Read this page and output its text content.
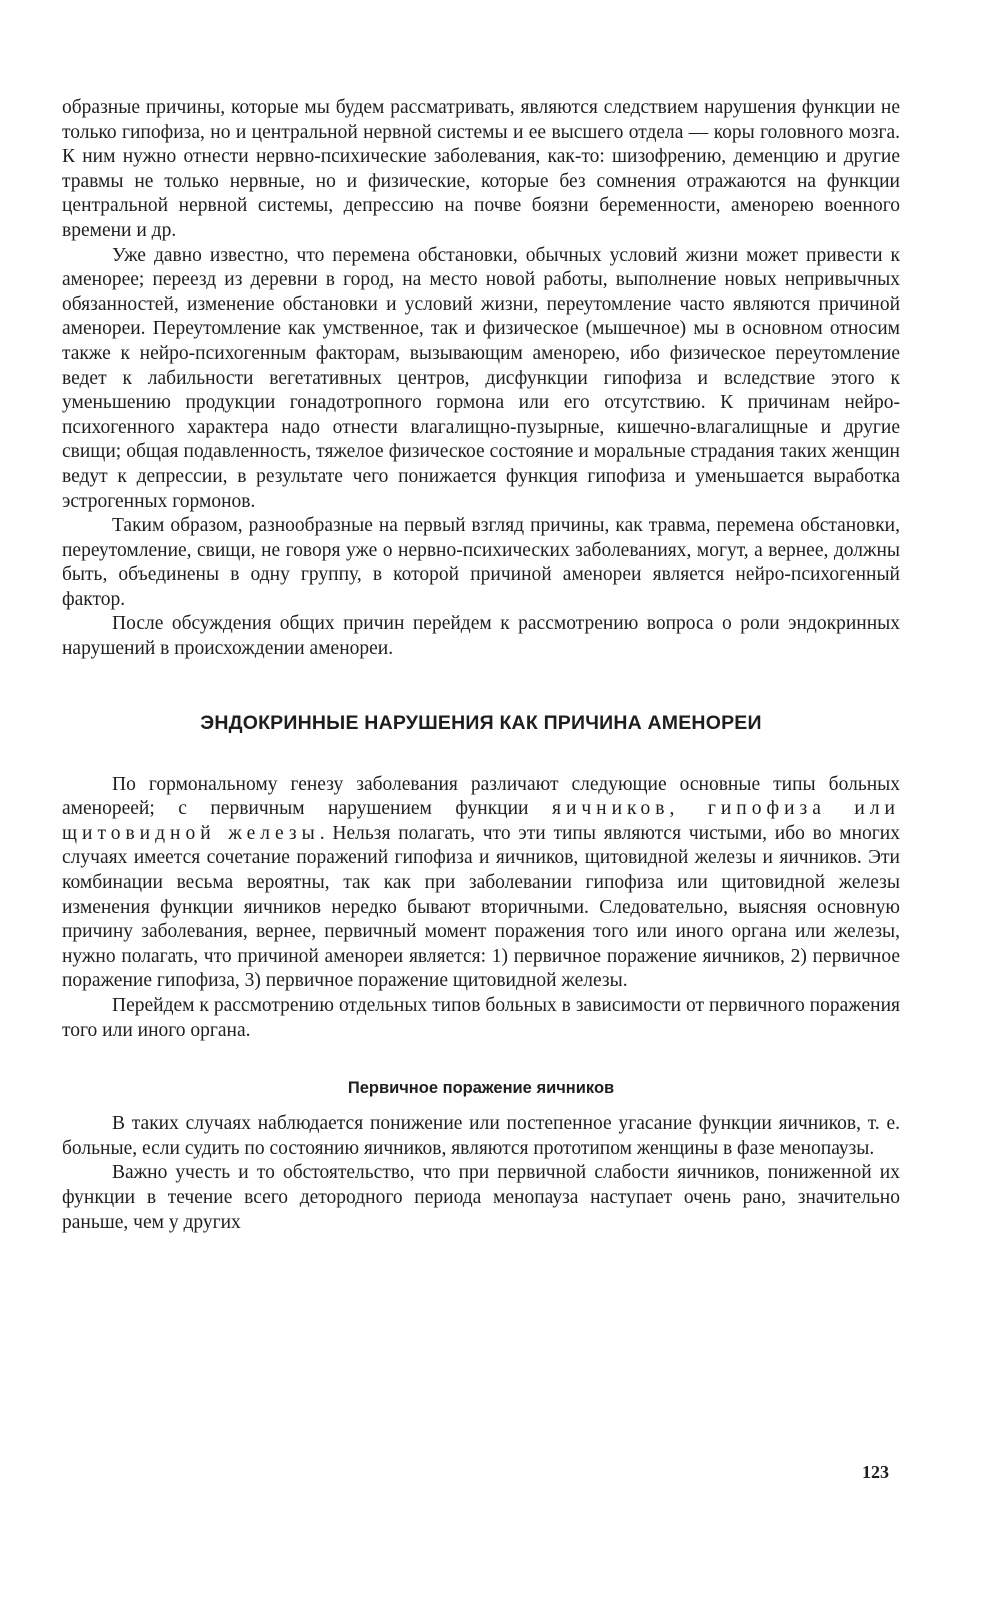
образные причины, которые мы будем рассматривать, являются следствием нарушения функции не только гипофиза, но и центральной нервной системы и ее высшего отдела — коры головного мозга. К ним нужно отнести нервно-психические заболевания, как-то: шизофрению, деменцию и другие травмы не только нервные, но и физические, которые без сомнения отражаются на функции центральной нервной системы, депрессию на почве боязни беременности, аменорею военного времени и др.

Уже давно известно, что перемена обстановки, обычных условий жизни может привести к аменорее; переезд из деревни в город, на место новой работы, выполнение новых непривычных обязанностей, изменение обстановки и условий жизни, переутомление часто являются причиной аменореи. Переутомление как умственное, так и физическое (мышечное) мы в основном относим также к нейро-психогенным факторам, вызывающим аменорею, ибо физическое переутомление ведет к лабильности вегетативных центров, дисфункции гипофиза и вследствие этого к уменьшению продукции гонадотропного гормона или его отсутствию. К причинам нейро-психогенного характера надо отнести влагалищно-пузырные, кишечно-влагалищные и другие свищи; общая подавленность, тяжелое физическое состояние и моральные страдания таких женщин ведут к депрессии, в результате чего понижается функция гипофиза и уменьшается выработка эстрогенных гормонов.

Таким образом, разнообразные на первый взгляд причины, как травма, перемена обстановки, переутомление, свищи, не говоря уже о нервно-психических заболеваниях, могут, а вернее, должны быть, объединены в одну группу, в которой причиной аменореи является нейро-психогенный фактор.

После обсуждения общих причин перейдем к рассмотрению вопроса о роли эндокринных нарушений в происхождении аменореи.

ЭНДОКРИННЫЕ НАРУШЕНИЯ КАК ПРИЧИНА АМЕНОРЕИ

По гормональному генезу заболевания различают следующие основные типы больных аменореей; с первичным нарушением функции яичников, гипофиза или щитовидной железы. Нельзя полагать, что эти типы являются чистыми, ибо во многих случаях имеется сочетание поражений гипофиза и яичников, щитовидной железы и яичников. Эти комбинации весьма вероятны, так как при заболевании гипофиза или щитовидной железы изменения функции яичников нередко бывают вторичными. Следовательно, выясняя основную причину заболевания, вернее, первичный момент поражения того или иного органа или железы, нужно полагать, что причиной аменореи является: 1) первичное поражение яичников, 2) первичное поражение гипофиза, 3) первичное поражение щитовидной железы.

Перейдем к рассмотрению отдельных типов больных в зависимости от первичного поражения того или иного органа.

Первичное поражение яичников

В таких случаях наблюдается понижение или постепенное угасание функции яичников, т. е. больные, если судить по состоянию яичников, являются прототипом женщины в фазе менопаузы.

Важно учесть и то обстоятельство, что при первичной слабости яичников, пониженной их функции в течение всего детородного периода менопауза наступает очень рано, значительно раньше, чем у других

123
